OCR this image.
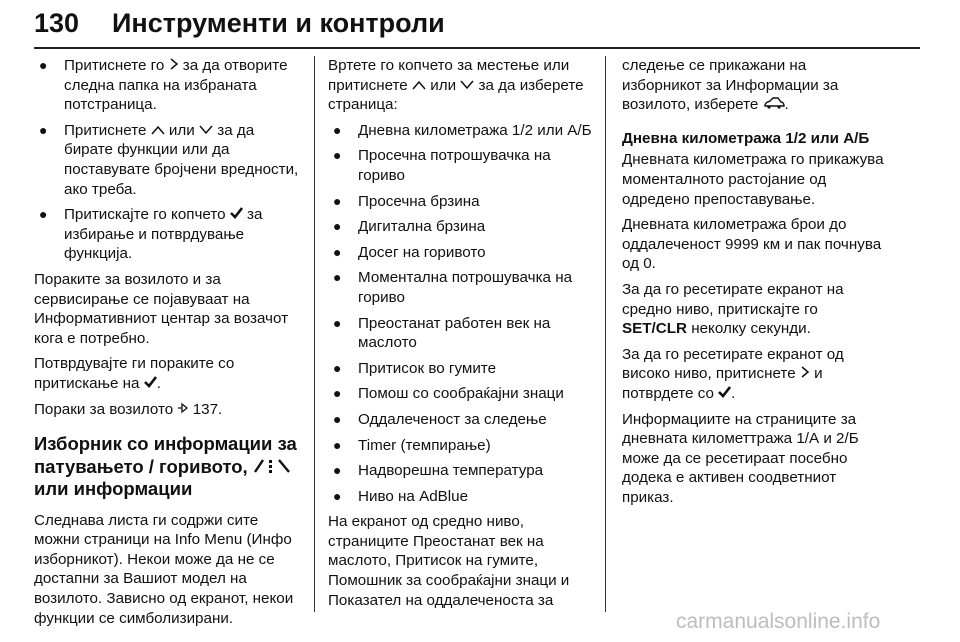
130 Инструменти и контроли
● Притиснете го за да отворите следна папка на избраната потстраница.
● Притиснете или за да бирате функции или да поставувате бројчени вредности, ако треба.
● Притискајте го копчето за избирање и потврдување функција.

Пораките за возилото и за сервисирање се појавуваат на Информативниот центар за возачот кога е потребно.

Потврдувајте ги пораките со притискање на .

Пораки за возилото 137.

Изборник со информации за патувањето / горивото,  или информации

Следнава листа ги содржи сите можни страници на Info Menu (Инфо изборникот). Некои може да не се достапни за Вашиот модел на возилото. Зависно од екранот, некои функции се симболизирани.

Вртете го копчето за местење или притиснете или за да изберете страница:

● Дневна километража 1/2 или А/Б
● Просечна потрошувачка на гориво
● Просечна брзина
● Дигитална брзина
● Досег на горивото
● Моментална потрошувачка на гориво
● Преостанат работен век на маслото
● Притисок во гумите
● Помош со сообраќајни знаци
● Оддалеченост за следење
● Timer (темпирање)
● Надворешна температура
● Ниво на AdBlue

На екранот од средно ниво, страниците Преостанат век на маслото, Притисок на гумите, Помошник за сообраќајни знаци и Показател на оддалеченоста за

следење се прикажани на изборникот за Информации за возилото, изберете .

Дневна километража 1/2 или А/Б

Дневната километража го прикажува моменталното растојание од одредено препоставување.

Дневната километража брои до оддалеченост 9999 км и пак почнува од 0.

За да го ресетирате екранот на средно ниво, притискајте го SET/CLR неколку секунди.

За да го ресетирате екранот од високо ниво, притиснете и потврдете со .

Информациите на страниците за дневната километтража 1/А и 2/Б може да се ресетираат посебно додека е активен соодветниот приказ.

carmanualsonline.info
